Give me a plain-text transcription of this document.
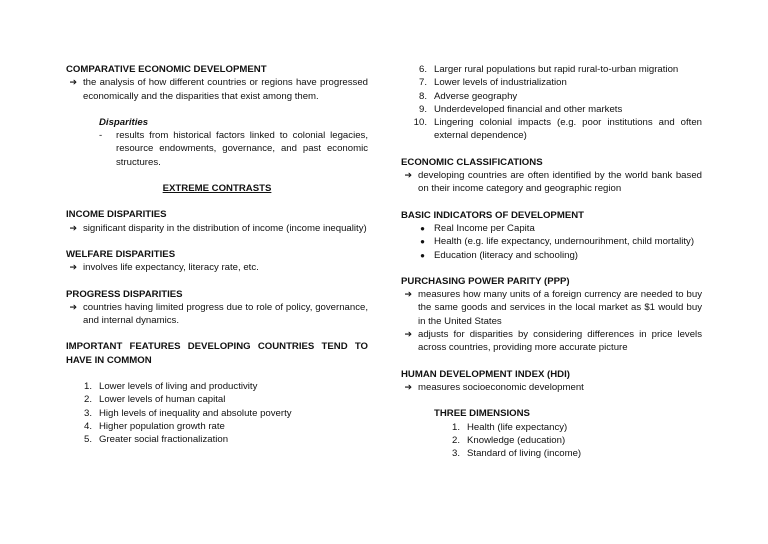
COMPARATIVE ECONOMIC DEVELOPMENT
➔ the analysis of how different countries or regions have progressed economically and the disparities that exist among them.
Disparities
-	results from historical factors linked to colonial legacies, resource endowments, governance, and past economic structures.
EXTREME CONTRASTS
INCOME DISPARITIES
➔ significant disparity in the distribution of income (income inequality)
WELFARE DISPARITIES
➔ involves life expectancy, literacy rate, etc.
PROGRESS DISPARITIES
➔ countries having limited progress due to role of policy, governance, and internal dynamics.
IMPORTANT FEATURES DEVELOPING COUNTRIES TEND TO HAVE IN COMMON
1. Lower levels of living and productivity
2. Lower levels of human capital
3. High levels of inequality and absolute poverty
4. Higher population growth rate
5. Greater social fractionalization
6. Larger rural populations but rapid rural-to-urban migration
7. Lower levels of industrialization
8. Adverse geography
9. Underdeveloped financial and other markets
10. Lingering colonial impacts (e.g. poor institutions and often external dependence)
ECONOMIC CLASSIFICATIONS
➔ developing countries are often identified by the world bank based on their income category and geographic region
BASIC INDICATORS OF DEVELOPMENT
● Real Income per Capita
● Health (e.g. life expectancy, undernourihment, child mortality)
● Education (literacy and schooling)
PURCHASING POWER PARITY (PPP)
➔ measures how many units of a foreign currency are needed to buy the same goods and services in the local market as $1 would buy in the United States
➔ adjusts for disparities by considering differences in price levels across countries, providing more accurate picture
HUMAN DEVELOPMENT INDEX (HDI)
➔ measures socioeconomic development
THREE DIMENSIONS
1. Health (life expectancy)
2. Knowledge (education)
3. Standard of living (income)
